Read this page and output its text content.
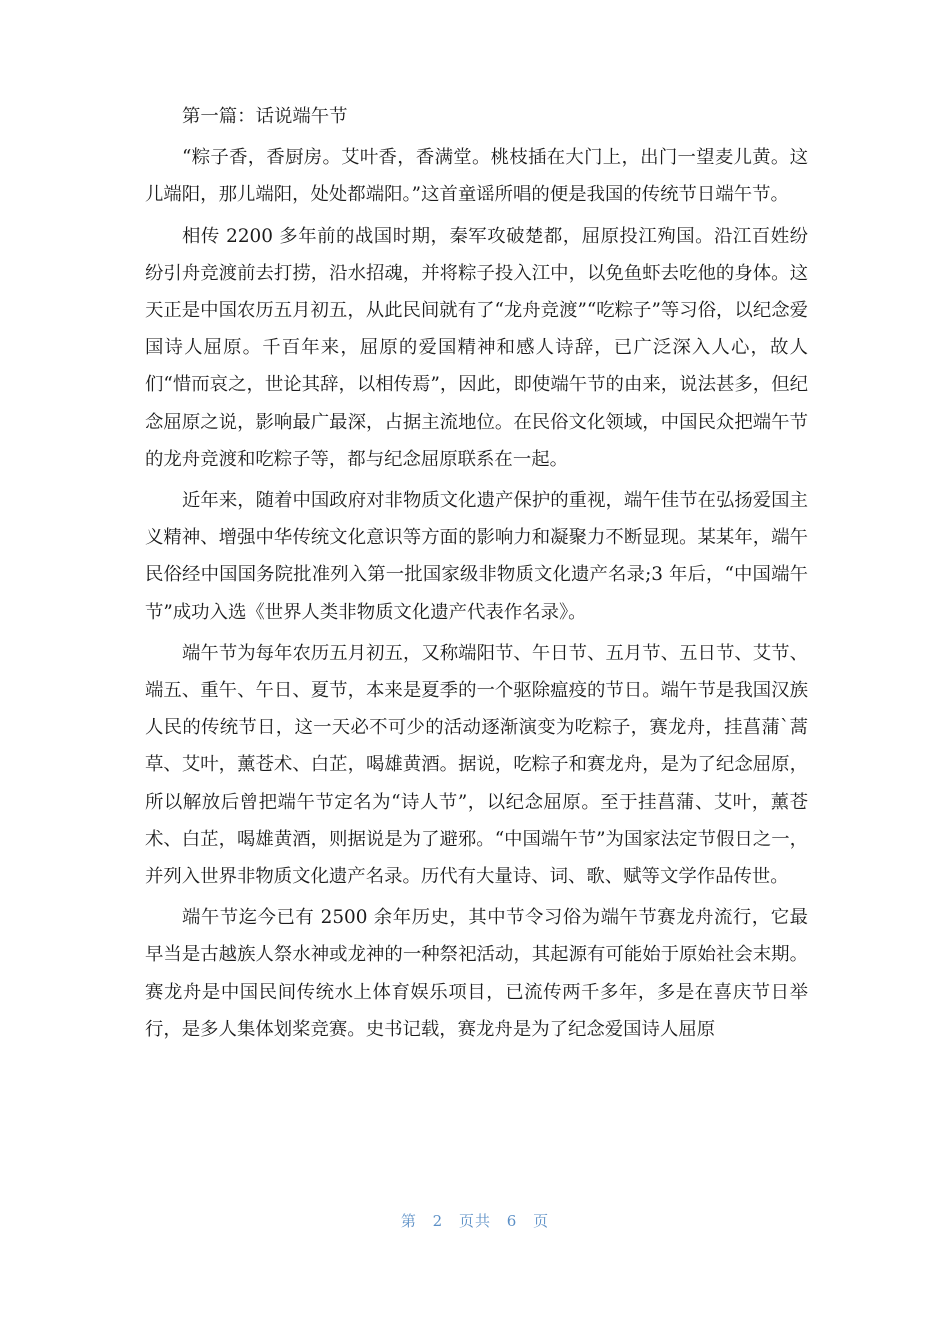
第一篇：话说端午节

“粽子香，香厨房。艾叶香，香满堂。桃枝插在大门上，出门一望麦儿黄。这儿端阳，那儿端阳，处处都端阳。”这首童谣所唱的便是我国的传统节日端午节。

相传 2200 多年前的战国时期，秦军攻破楚都，屈原投江殉国。沿江百姓纷纷引舟竞渡前去打捞，沿水招魂，并将粽子投入江中，以免鱼虾去吃他的身体。这天正是中国农历五月初五，从此民间就有了“龙舟竞渡”“吃粽子”等习俗，以纪念爱国诗人屈原。千百年来，屈原的爱国精神和感人诗辞，已广泛深入人心，故人们“惜而哀之，世论其辞，以相传焉”，因此，即使端午节的由来，说法甚多，但纪念屈原之说，影响最广最深，占据主流地位。在民俗文化领域，中国民众把端午节的龙舟竞渡和吃粽子等，都与纪念屈原联系在一起。

近年来，随着中国政府对非物质文化遗产保护的重视，端午佳节在弘扬爱国主义精神、增强中华传统文化意识等方面的影响力和凝聚力不断显现。某某年，端午民俗经中国国务院批准列入第一批国家级非物质文化遗产名录;3 年后，“中国端午节”成功入选《世界人类非物质文化遗产代表作名录》。

端午节为每年农历五月初五，又称端阳节、午日节、五月节、五日节、艾节、端五、重午、午日、夏节，本来是夏季的一个驱除瘟疫的节日。端午节是我国汉族人民的传统节日，这一天必不可少的活动逐渐演变为吃粽子，赛龙舟，挂菖蒲`蒿草、艾叶，薰苍术、白芷，喝雄黄酒。据说，吃粽子和赛龙舟，是为了纪念屈原，所以解放后曾把端午节定名为“诗人节”，以纪念屈原。至于挂菖蒲、艾叶，薰苍术、白芷，喝雄黄酒，则据说是为了避邪。“中国端午节”为国家法定节假日之一，并列入世界非物质文化遗产名录。历代有大量诗、词、歌、赋等文学作品传世。

端午节迄今已有 2500 余年历史，其中节令习俗为端午节赛龙舟流行，它最早当是古越族人祭水神或龙神的一种祭祀活动，其起源有可能始于原始社会末期。赛龙舟是中国民间传统水上体育娱乐项目，已流传两千多年，多是在喜庆节日举行，是多人集体划桨竞赛。史书记载，赛龙舟是为了纪念爱国诗人屈原

第 2 页共 6 页
